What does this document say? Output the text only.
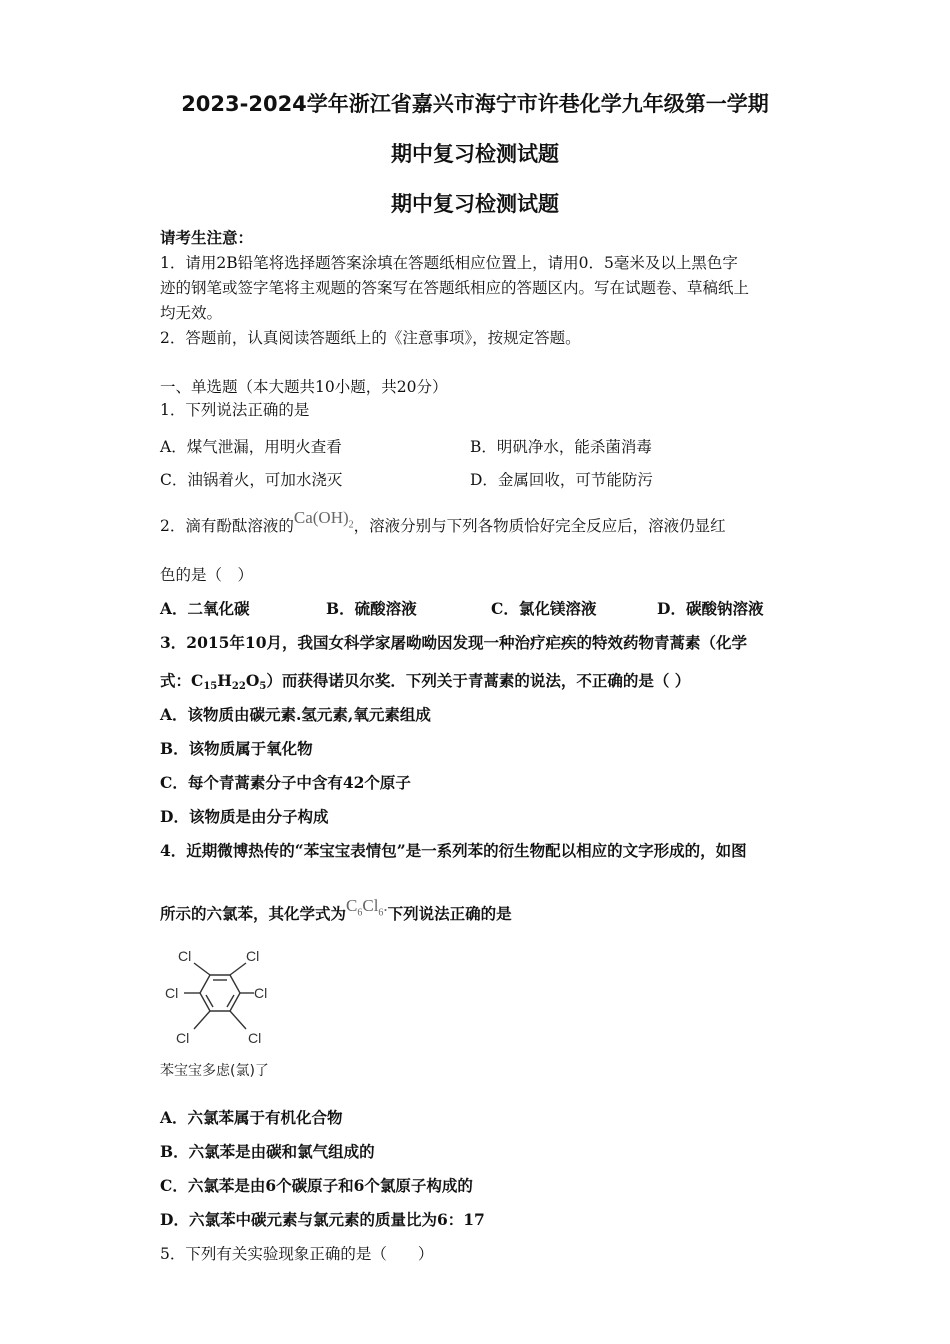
2023-2024学年浙江省嘉兴市海宁市许巷化学九年级第一学期
期中复习检测试题
期中复习检测试题
请考生注意：
1．请用2B铅笔将选择题答案涂填在答题纸相应位置上，请用0．5毫米及以上黑色字
迹的钢笔或签字笔将主观题的答案写在答题纸相应的答题区内。写在试题卷、草稿纸上
均无效。
2．答题前，认真阅读答题纸上的《注意事项》，按规定答题。
一、单选题（本大题共10小题，共20分）
1．下列说法正确的是
A．煤气泄漏，用明火查看	B．明矾净水，能杀菌消毒
C．油锅着火，可加水浇灭	D．金属回收，可节能防污
2．滴有酚酞溶液的$Ca(OH)_2$，溶液分别与下列各物质恰好完全反应后，溶液仍显红
色的是（　）
A．二氧化碳	B．硫酸溶液	C．氯化镁溶液	D．碳酸钠溶液
3．2015年10月，我国女科学家屠呦呦因发现一种治疗疟疾的特效药物青蒿素（化学
式：C15H22O5）而获得诺贝尔奖．下列关于青蒿素的说法，不正确的是（ ）
A．该物质由碳元素.氢元素,氧元素组成
B．该物质属于氧化物
C．每个青蒿素分子中含有42个原子
D．该物质是由分子构成
4．近期微博热传的“苯宝宝表情包”是一系列苯的衍生物配以相应的文字形成的，如图
所示的六氯苯，其化学式为$C_6Cl_6$.下列说法正确的是
Cl	Cl
Cl	Cl
Cl	Cl
苯宝宝多虑(氯)了
A．六氯苯属于有机化合物
B．六氯苯是由碳和氯气组成的
C．六氯苯是由6个碳原子和6个氯原子构成的
D．六氯苯中碳元素与氯元素的质量比为6：17
5．下列有关实验现象正确的是（　　）
